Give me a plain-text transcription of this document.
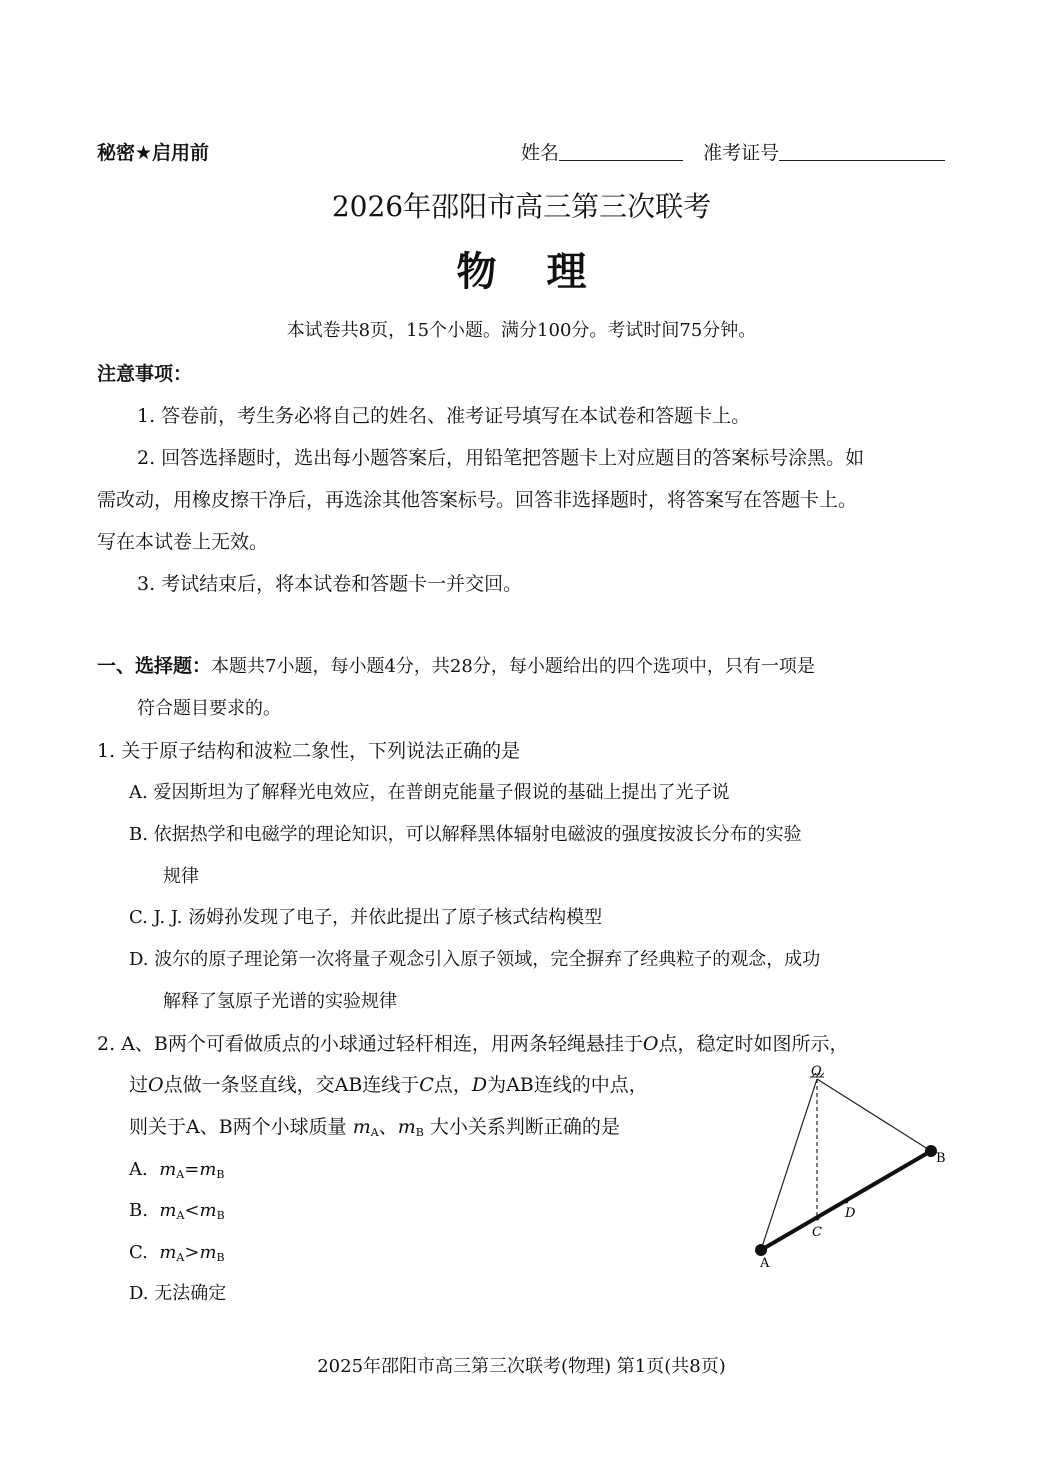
秘密★启用前	姓名	准考证号
2026年邵阳市高三第三次联考
物理
本试卷共8页，15个小题。满分100分。考试时间75分钟。
注意事项：
1. 答卷前，考生务必将自己的姓名、准考证号填写在本试卷和答题卡上。
2. 回答选择题时，选出每小题答案后，用铅笔把答题卡上对应题目的答案标号涂黑。如
需改动，用橡皮擦干净后，再选涂其他答案标号。回答非选择题时，将答案写在答题卡上。
写在本试卷上无效。
3. 考试结束后，将本试卷和答题卡一并交回。
一、选择题：本题共7小题，每小题4分，共28分，每小题给出的四个选项中，只有一项是
符合题目要求的。
1. 关于原子结构和波粒二象性，下列说法正确的是
A. 爱因斯坦为了解释光电效应，在普朗克能量子假说的基础上提出了光子说
B. 依据热学和电磁学的理论知识，可以解释黑体辐射电磁波的强度按波长分布的实验
规律
C. J. J. 汤姆孙发现了电子，并依此提出了原子核式结构模型
D. 波尔的原子理论第一次将量子观念引入原子领域，完全摒弃了经典粒子的观念，成功
解释了氢原子光谱的实验规律
2. A、B两个可看做质点的小球通过轻杆相连，用两条轻绳悬挂于O点，稳定时如图所示，
过O点做一条竖直线，交AB连线于C点，D为AB连线的中点，
则关于A、B两个小球质量 $m_A$、$m_B$ 大小关系判断正确的是
A. $m_A=m_B$
B. $m_A<m_B$
C. $m_A>m_B$
D. 无法确定
O
A
B
C
D
2025年邵阳市高三第三次联考(物理) 第1页(共8页)
